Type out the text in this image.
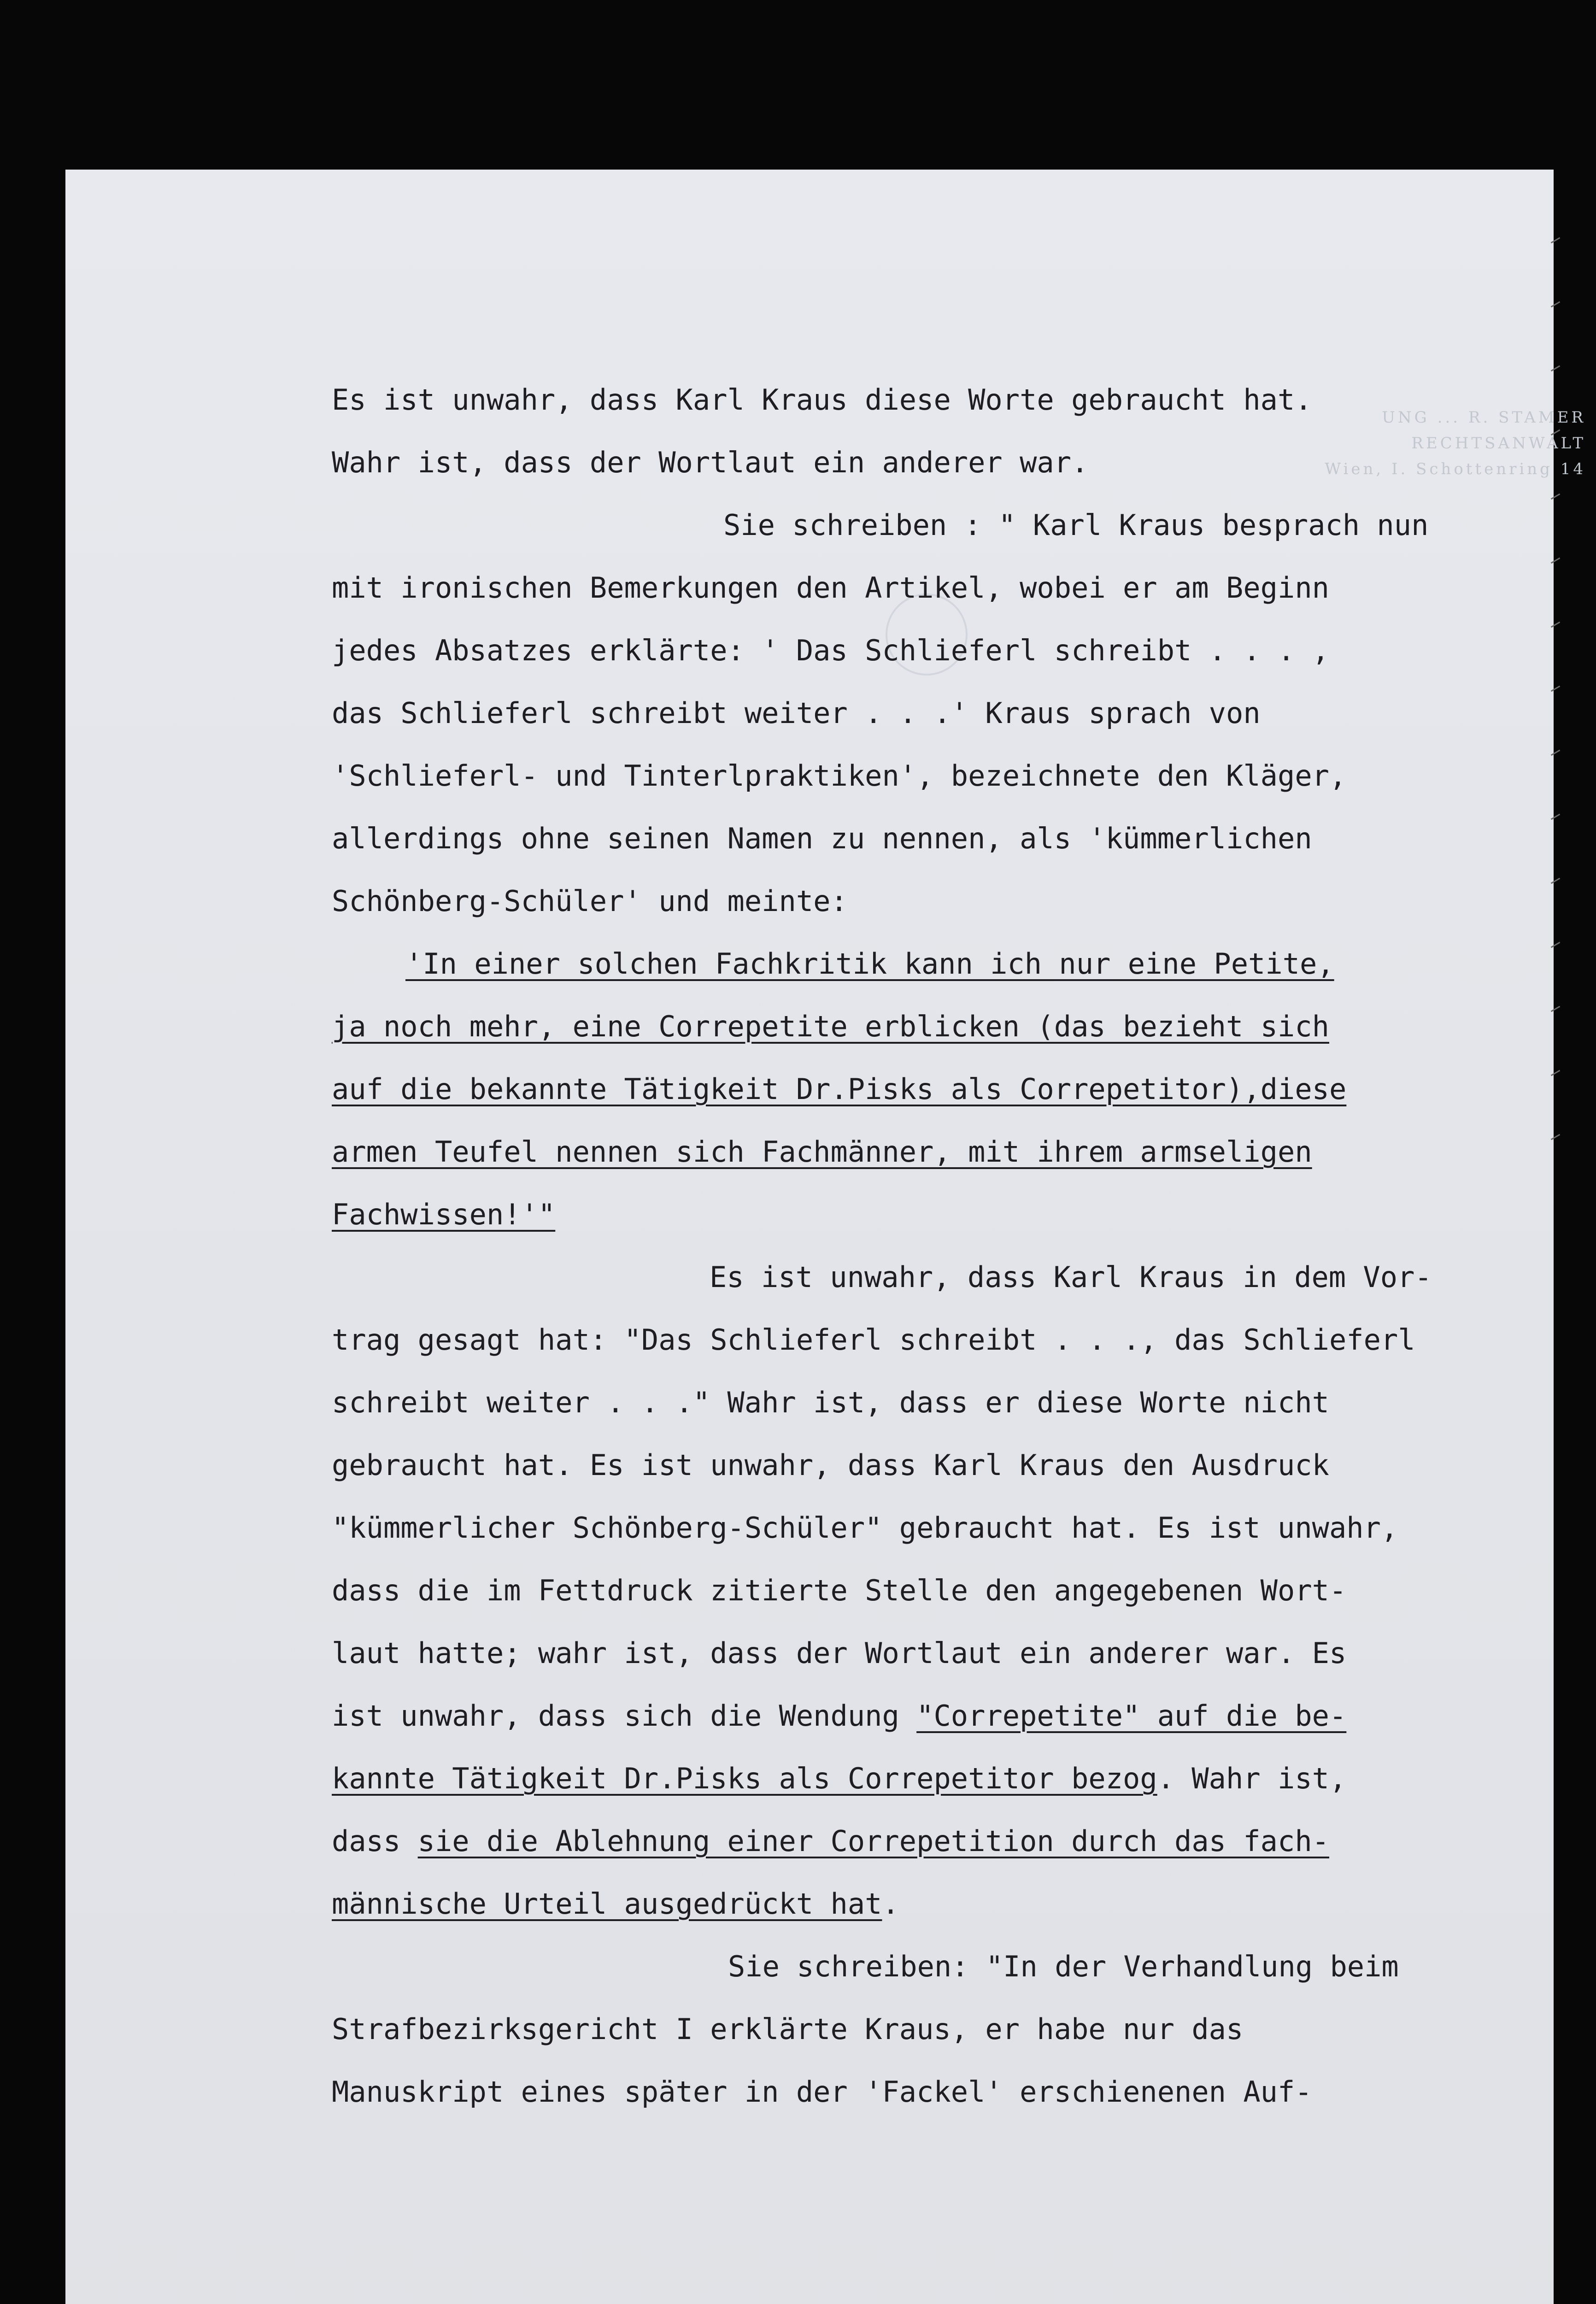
UNG ... R. STAMER
RECHTSANWALT
Wien, I. Schottenring 14
Es ist unwahr, dass Karl Kraus diese Worte gebraucht hat.
Wahr ist, dass der Wortlaut ein anderer war.
Sie schreiben : " Karl Kraus besprach nun
mit ironischen Bemerkungen den Artikel, wobei er am Beginn
jedes Absatzes erklärte: ' Das Schlieferl schreibt . . . ,
das Schlieferl schreibt weiter . . .' Kraus sprach von
'Schlieferl- und Tinterlpraktiken', bezeichnete den Kläger,
allerdings ohne seinen Namen zu nennen, als 'kümmerlichen
Schönberg-Schüler' und meinte:
'In einer solchen Fachkritik kann ich nur eine Petite,
ja noch mehr, eine Correpetite erblicken (das bezieht sich
auf die bekannte Tätigkeit Dr.Pisks als Correpetitor),diese
armen Teufel nennen sich Fachmänner, mit ihrem armseligen
Fachwissen!'"
Es ist unwahr, dass Karl Kraus in dem Vor-
trag gesagt hat: "Das Schlieferl schreibt . . ., das Schlieferl
schreibt weiter . . ." Wahr ist, dass er diese Worte nicht
gebraucht hat. Es ist unwahr, dass Karl Kraus den Ausdruck
"kümmerlicher Schönberg-Schüler" gebraucht hat. Es ist unwahr,
dass die im Fettdruck zitierte Stelle den angegebenen Wort-
laut hatte; wahr ist, dass der Wortlaut ein anderer war. Es
ist unwahr, dass sich die Wendung "Correpetite" auf die be-
kannte Tätigkeit Dr.Pisks als Correpetitor bezog. Wahr ist,
dass sie die Ablehnung einer Correpetition durch das fach-
männische Urteil ausgedrückt hat.
Sie schreiben: "In der Verhandlung beim
Strafbezirksgericht I erklärte Kraus, er habe nur das
Manuskript eines später in der 'Fackel' erschienenen Auf-
